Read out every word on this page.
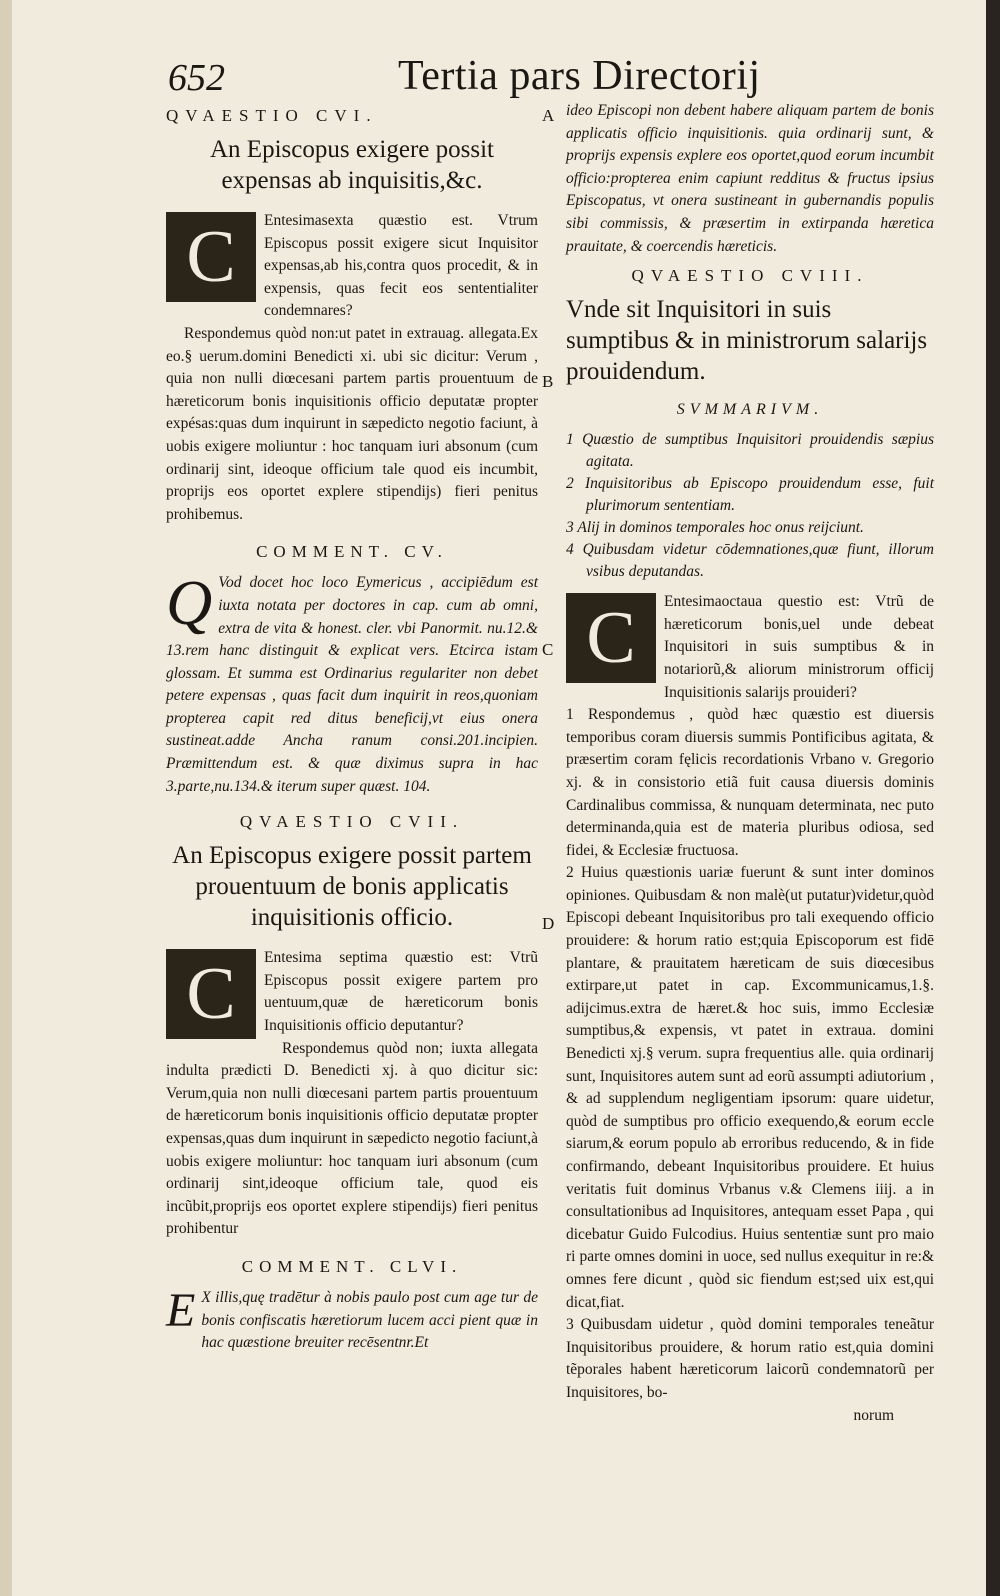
652	Tertia pars Directorij
A
B
C
D
QVAESTIO CVI.
An Episcopus exigere possit expensas ab inquisitis,&c.

C	Entesimasexta quæstio est. Vtrum Episcopus possit exigere sicut Inquisitor expensas,ab his,contra quos procedit, & in expensis, quas fecit eos sententialiter condemnares?

Respondemus quòd non:ut patet in extrauag. allegata.Ex eo.§ uerum.domini Benedicti xi. ubi sic dicitur: Verum , quia non nulli diœcesani partem partis prouentuum de hæreticorum bonis inquisitionis officio deputatæ propter expésas:quas dum inquirunt in sæpedicto negotio faciunt, à uobis exigere moliuntur : hoc tanquam iuri absonum (cum ordinarij sint, ideoque officium tale quod eis incumbit, proprijs eos oportet explere stipendijs) fieri penitus prohibemus.

COMMENT. CV.

Q Vod docet hoc loco Eymericus , accipiēdum est iuxta notata per doctores in cap. cum ab omni, extra de vita & honest. cler. vbi Panormit. nu.12.& 13.rem hanc distinguit & explicat vers. Etcirca istam glossam. Et summa est Ordinarius regulariter non debet petere expensas , quas facit dum inquirit in reos,quoniam propterea capit red ditus beneficij,vt eius onera sustineat.adde Ancha ranum consi.201.incipien. Præmittendum est. & quæ diximus supra in hac 3.parte,nu.134.& iterum super quæst. 104.

QVAESTIO CVII.
An Episcopus exigere possit partem prouentuum de bonis applicatis inquisitionis officio.

C	Entesima septima quæstio est: Vtrũ Episcopus possit exigere partem pro uentuum,quæ de hæreticorum bonis Inquisitionis officio deputantur?

Respondemus quòd non; iuxta allegata indulta prædicti D. Benedicti xj. à quo dicitur sic: Verum,quia non nulli diœcesani partem partis prouentuum de hæreticorum bonis inquisitionis officio deputatæ propter expensas,quas dum inquirunt in sæpedicto negotio faciunt,à uobis exigere moliuntur: hoc tanquam iuri absonum (cum ordinarij sint,ideoque officium tale, quod eis incũbit,proprijs eos oportet explere stipendijs) fieri penitus prohibentur

COMMENT. CLVI.

E X illis,quę tradētur à nobis paulo post cum age tur de bonis confiscatis hæretiorum lucem acci pient quæ in hac quæstione breuiter recēsentnr.Et

ideo Episcopi non debent habere aliquam partem de bonis applicatis officio inquisitionis. quia ordinarij sunt, & proprijs expensis explere eos oportet,quod eorum incumbit officio:propterea enim capiunt redditus & fructus ipsius Episcopatus, vt onera sustineant in gubernandis populis sibi commissis, & præsertim in extirpanda hæretica prauitate, & coercendis hæreticis.

QVAESTIO CVIII.
Vnde sit Inquisitori in suis sumptibus & in ministrorum salarijs prouidendum.
SVMMARIVM.

1 Quæstio de sumptibus Inquisitori prouidendis sæpius agitata.

2 Inquisitoribus ab Episcopo prouidendum esse, fuit plurimorum sententiam.

3 Alij in dominos temporales hoc onus reijciunt.

4 Quibusdam videtur cōdemnationes,quæ fiunt, illorum vsibus deputandas.

C	Entesimaoctaua questio est: Vtrũ de hæreticorum bonis,uel unde debeat Inquisitori in suis sumptibus & in notariorũ,& aliorum ministrorum officij Inquisitionis salarijs prouideri?

1 Respondemus , quòd hæc quæstio est diuersis temporibus coram diuersis summis Pontificibus agitata, & præsertim coram fęlicis recordationis Vrbano v. Gregorio xj. & in consistorio etiã fuit causa diuersis dominis Cardinalibus commissa, & nunquam determinata, nec puto determinanda,quia est de materia pluribus odiosa, sed fidei, & Ecclesiæ fructuosa.

2 Huius quæstionis uariæ fuerunt & sunt inter dominos opiniones. Quibusdam & non malè(ut putatur)videtur,quòd Episcopi debeant Inquisitoribus pro tali exequendo officio prouidere: & horum ratio est;quia Episcoporum est fidē plantare, & prauitatem hæreticam de suis diœcesibus extirpare,ut patet in cap. Excommunicamus,1.§. adijcimus.extra de hæret.& hoc suis, immo Ecclesiæ sumptibus,& expensis, vt patet in extraua. domini Benedicti xj.§ verum. supra frequentius alle. quia ordinarij sunt, Inquisitores autem sunt ad eorũ assumpti adiutorium , & ad supplendum negligentiam ipsorum: quare uidetur, quòd de sumptibus pro officio exequendo,& eorum eccle siarum,& eorum populo ab erroribus reducendo, & in fide confirmando, debeant Inquisitoribus prouidere. Et huius veritatis fuit dominus Vrbanus v.& Clemens iiij. a in consultationibus ad Inquisitores, antequam esset Papa , qui dicebatur Guido Fulcodius. Huius sententiæ sunt pro maio ri parte omnes domini in uoce, sed nullus exequitur in re:& omnes fere dicunt , quòd sic fiendum est;sed uix est,qui dicat,fiat.

3 Quibusdam uidetur , quòd domini temporales teneãtur Inquisitoribus prouidere, & horum ratio est,quia domini tẽporales habent hæreticorum laicorũ condemnatorũ per Inquisitores, bo-

norum
